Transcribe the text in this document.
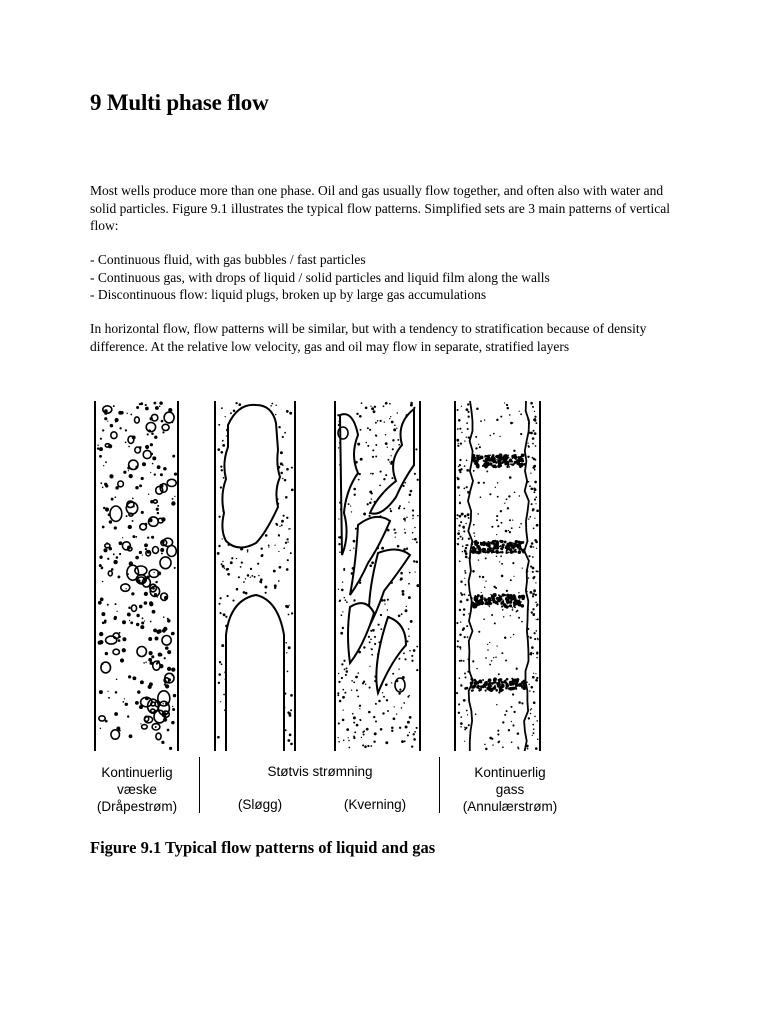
9 Multi phase flow

Most wells produce more than one phase. Oil and gas usually flow together, and often also with water and solid particles. Figure 9.1 illustrates the typical flow patterns. Simplified sets are 3 main patterns of vertical flow:

- Continuous fluid, with gas bubbles / fast particles
- Continuous gas, with drops of liquid / solid particles and liquid film along the walls
- Discontinuous flow: liquid plugs, broken up by large gas accumulations

In horizontal flow, flow patterns will be similar, but with a tendency to stratification because of density difference. At the relative low velocity, gas and oil may flow in separate, stratified layers

Kontinuerlig
væske
(Dråpestrøm)
Støtvis strømning
(Sløgg)	(Kverning)
Kontinuerlig
gass
(Annulærstrøm)

Figure 9.1 Typical flow patterns of liquid and gas
